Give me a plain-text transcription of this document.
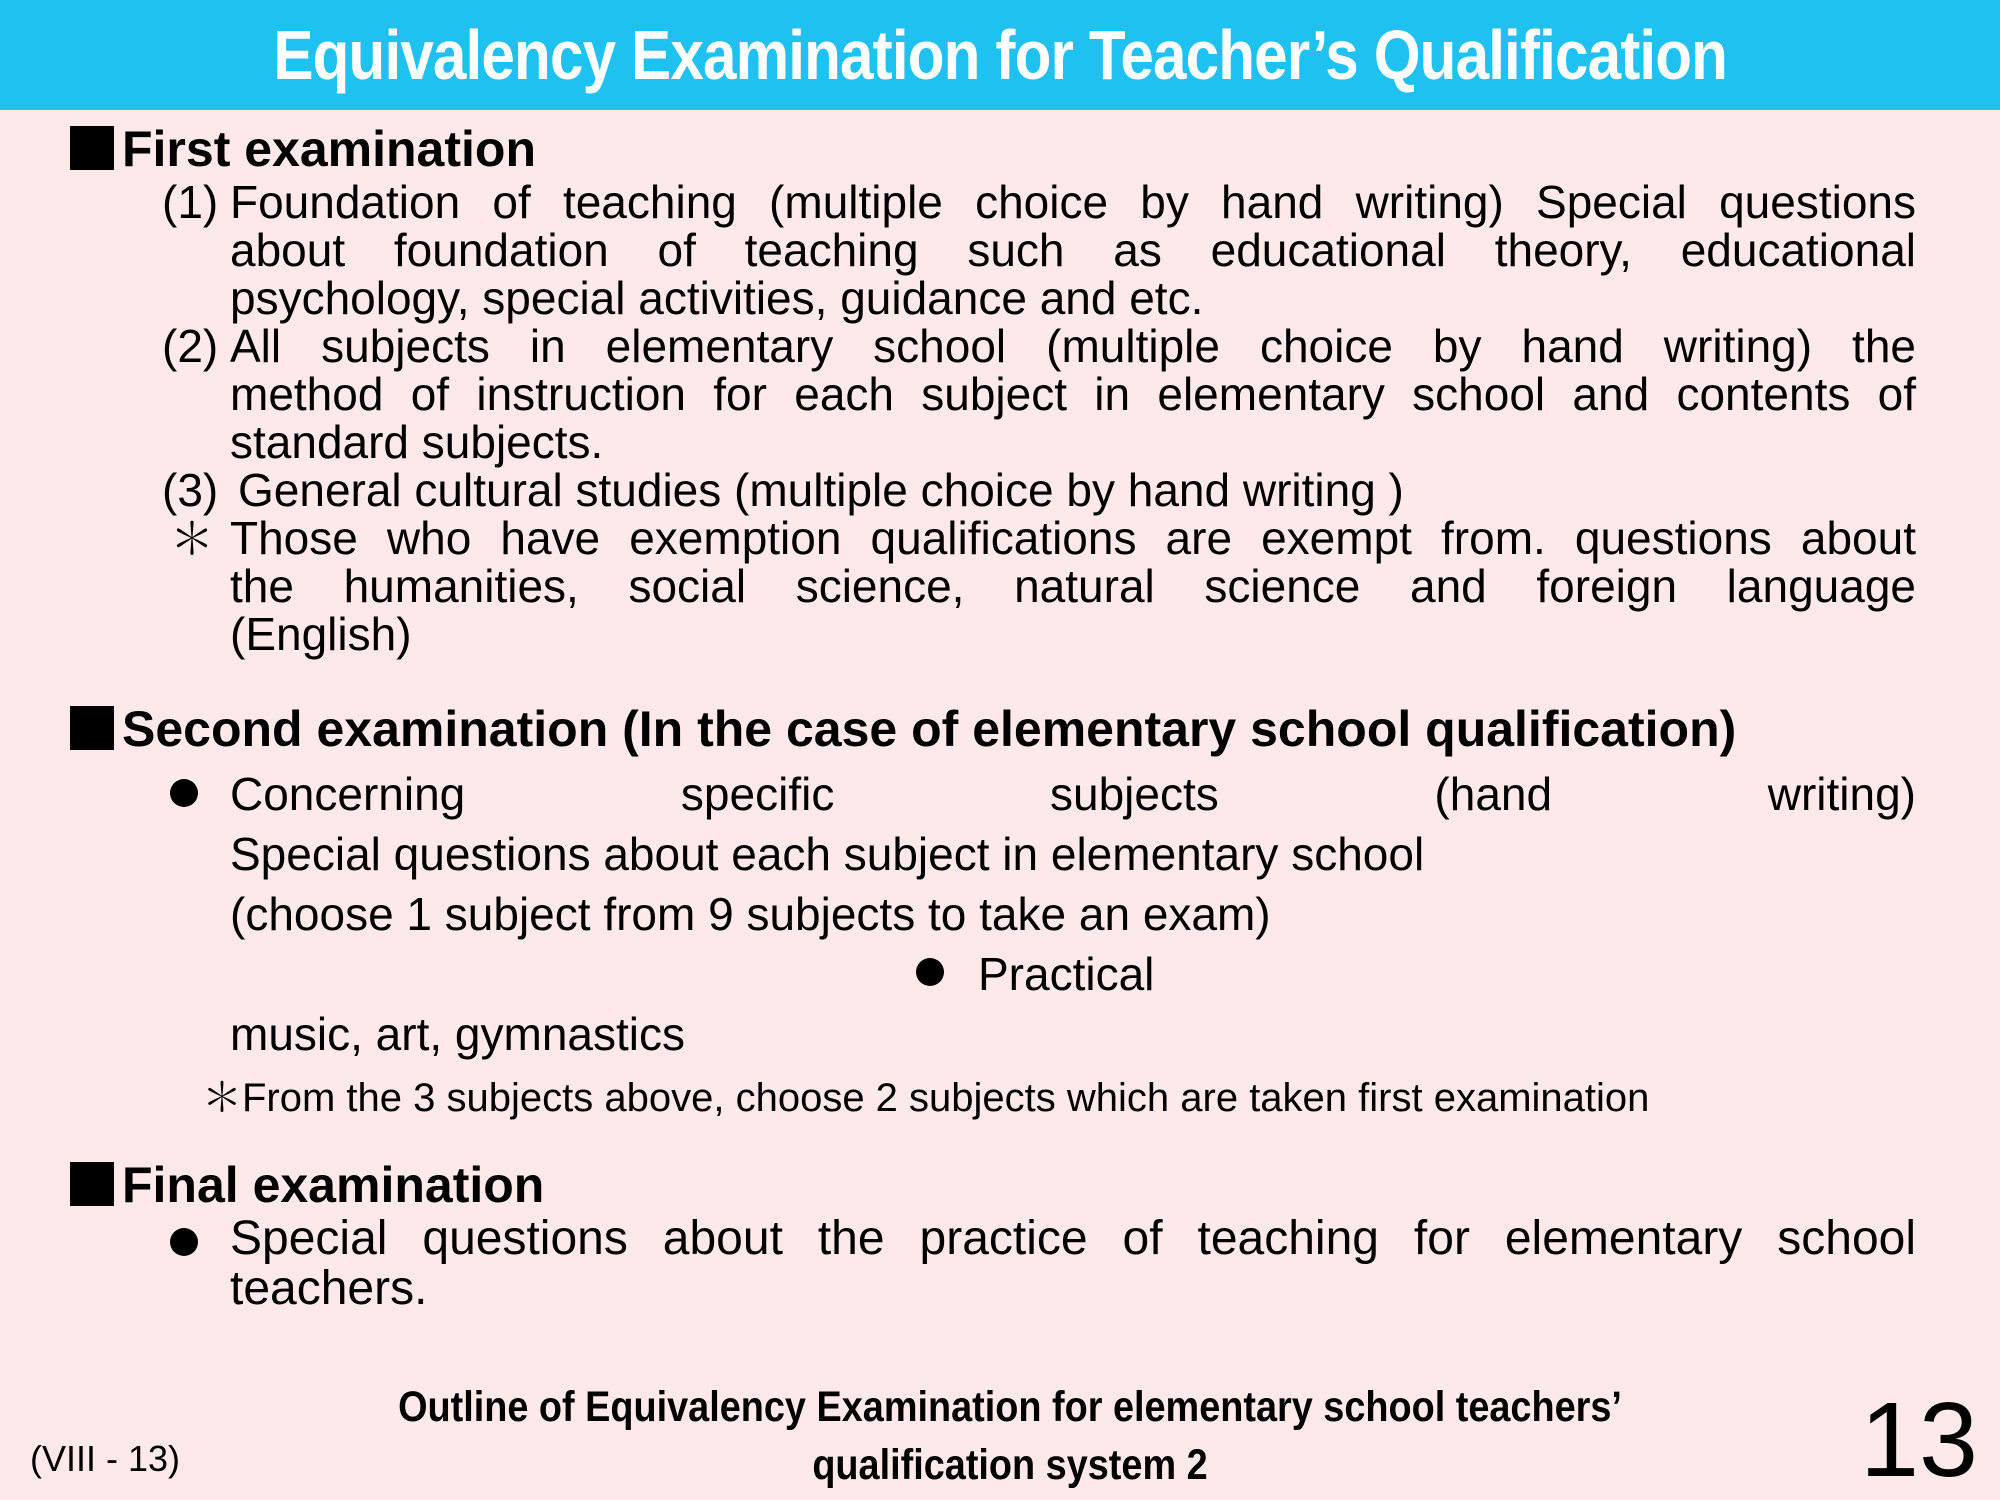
Equivalency Examination for Teacher’s Qualification
First examination
(1) Foundation of teaching (multiple choice by hand writing) Special questions

about foundation of teaching such as educational theory, educational

psychology, special activities, guidance and etc.

(2) All subjects in elementary school (multiple choice by hand writing) the

method of instruction for each subject in elementary school and contents of

standard subjects.

(3) General cultural studies (multiple choice by hand writing )
＊ Those who have exemption qualifications are exempt from. questions about

the humanities, social science, natural science and foreign language

(English)

Second examination (In the case of elementary school qualification)

Concerning specific subjects (hand writing)

Special questions about each subject in elementary school
(choose 1 subject from 9 subjects to take an exam)
Practical
music, art, gymnastics
＊From the 3 subjects above, choose 2 subjects which are taken first examination
Final examination

Special questions about the practice of teaching for elementary school

teachers.

Outline of Equivalency Examination for elementary school teachers’
qualification system 2
(VIII - 13)	13
